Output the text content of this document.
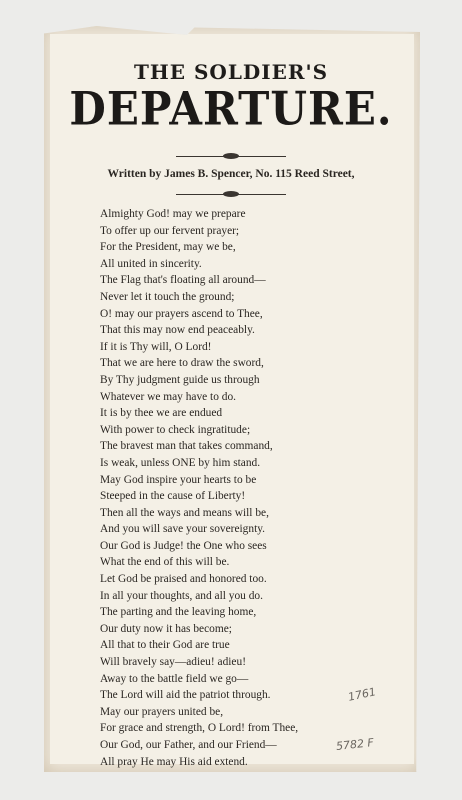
THE SOLDIER'S
DEPARTURE.
Written by James B. Spencer, No. 115 Reed Street,
Almighty God! may we prepare
To offer up our fervent prayer;
For the President, may we be,
All united in sincerity.
The Flag that's floating all around—
Never let it touch the ground;
O! may our prayers ascend to Thee,
That this may now end peaceably.
If it is Thy will, O Lord!
That we are here to draw the sword,
By Thy judgment guide us through
Whatever we may have to do.
It is by thee we are endued
With power to check ingratitude;
The bravest man that takes command,
Is weak, unless ONE by him stand.
May God inspire your hearts to be
Steeped in the cause of Liberty!
Then all the ways and means will be,
And you will save your sovereignty.
Our God is Judge! the One who sees
What the end of this will be.
Let God be praised and honored too.
In all your thoughts, and all you do.
The parting and the leaving home,
Our duty now it has become;
All that to their God are true
Will bravely say—adieu! adieu!
Away to the battle field we go—
The Lord will aid the patriot through.
May our prayers united be,
For grace and strength, O Lord! from Thee,
Our God, our Father, and our Friend—
All pray He may His aid extend.
1761
5782 F
